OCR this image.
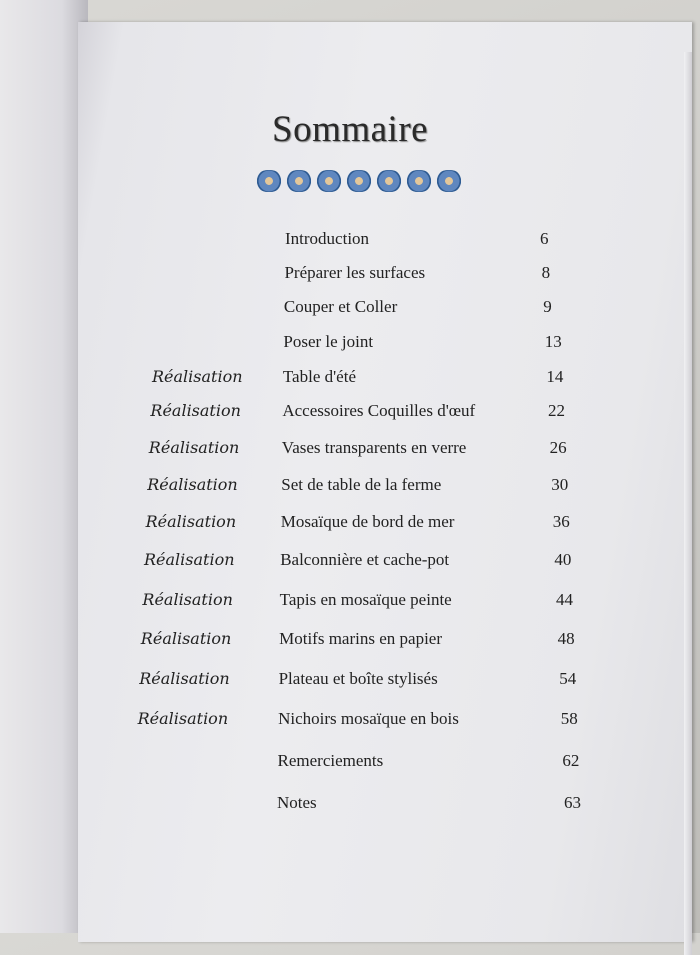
Sommaire
Introduction	6
Préparer les surfaces	8
Couper et Coller	9
Poser le joint	13
Réalisation Table d'été	14
Réalisation Accessoires Coquilles d'œuf	22
Réalisation Vases transparents en verre	26
Réalisation	Set de table de la ferme	30
Réalisation	Mosaïque de bord de mer	36
Réalisation	Balconnière et cache-pot	40
Réalisation	Tapis en mosaïque peinte	44
Réalisation	Motifs marins en papier	48
Réalisation	Plateau et boîte stylisés	54
Réalisation	Nichoirs mosaïque en bois	58
Remerciements	62
Notes	63
